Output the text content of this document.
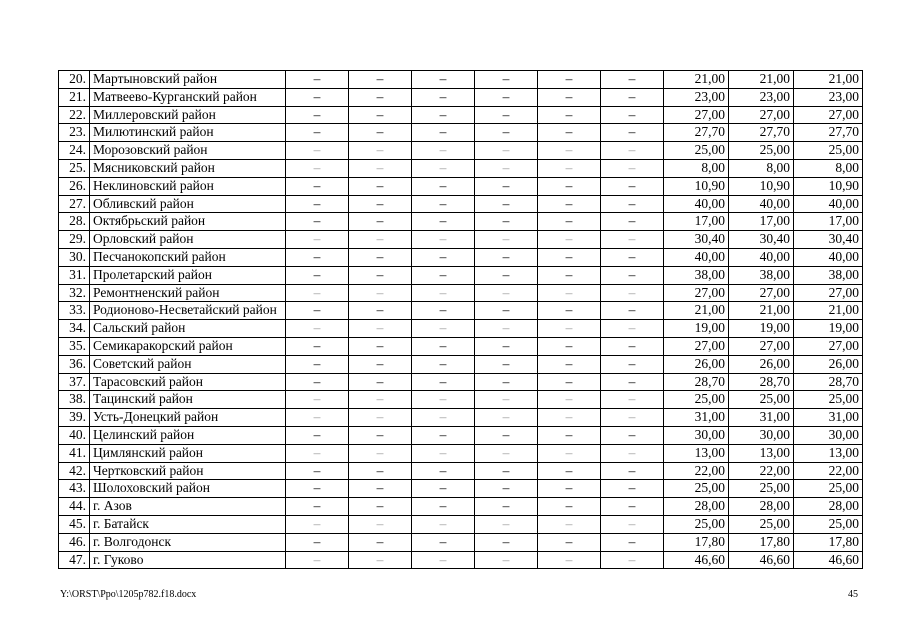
20.	Мартыновский район	–	–	–	–	–	–	21,00	21,00	21,00
21.	Матвеево-Курганский район	–	–	–	–	–	–	23,00	23,00	23,00
22.	Миллеровский район	–	–	–	–	–	–	27,00	27,00	27,00
23.	Милютинский район	–	–	–	–	–	–	27,70	27,70	27,70
24.	Морозовский район	–	–	–	–	–	–	25,00	25,00	25,00
25.	Мясниковский район	–	–	–	–	–	–	8,00	8,00	8,00
26.	Неклиновский район	–	–	–	–	–	–	10,90	10,90	10,90
27.	Обливский район	–	–	–	–	–	–	40,00	40,00	40,00
28.	Октябрьский район	–	–	–	–	–	–	17,00	17,00	17,00
29.	Орловский район	–	–	–	–	–	–	30,40	30,40	30,40
30.	Песчанокопский район	–	–	–	–	–	–	40,00	40,00	40,00
31.	Пролетарский район	–	–	–	–	–	–	38,00	38,00	38,00
32.	Ремонтненский район	–	–	–	–	–	–	27,00	27,00	27,00
33.	Родионово-Несветайский район	–	–	–	–	–	–	21,00	21,00	21,00
34.	Сальский район	–	–	–	–	–	–	19,00	19,00	19,00
35.	Семикаракорский район	–	–	–	–	–	–	27,00	27,00	27,00
36.	Советский район	–	–	–	–	–	–	26,00	26,00	26,00
37.	Тарасовский район	–	–	–	–	–	–	28,70	28,70	28,70
38.	Тацинский район	–	–	–	–	–	–	25,00	25,00	25,00
39.	Усть-Донецкий район	–	–	–	–	–	–	31,00	31,00	31,00
40.	Целинский район	–	–	–	–	–	–	30,00	30,00	30,00
41.	Цимлянский район	–	–	–	–	–	–	13,00	13,00	13,00
42.	Чертковский район	–	–	–	–	–	–	22,00	22,00	22,00
43.	Шолоховский район	–	–	–	–	–	–	25,00	25,00	25,00
44.	г. Азов	–	–	–	–	–	–	28,00	28,00	28,00
45.	г. Батайск	–	–	–	–	–	–	25,00	25,00	25,00
46.	г. Волгодонск	–	–	–	–	–	–	17,80	17,80	17,80
47.	г. Гуково	–	–	–	–	–	–	46,60	46,60	46,60
Y:\ORST\Ppo\1205p782.f18.docx	45
